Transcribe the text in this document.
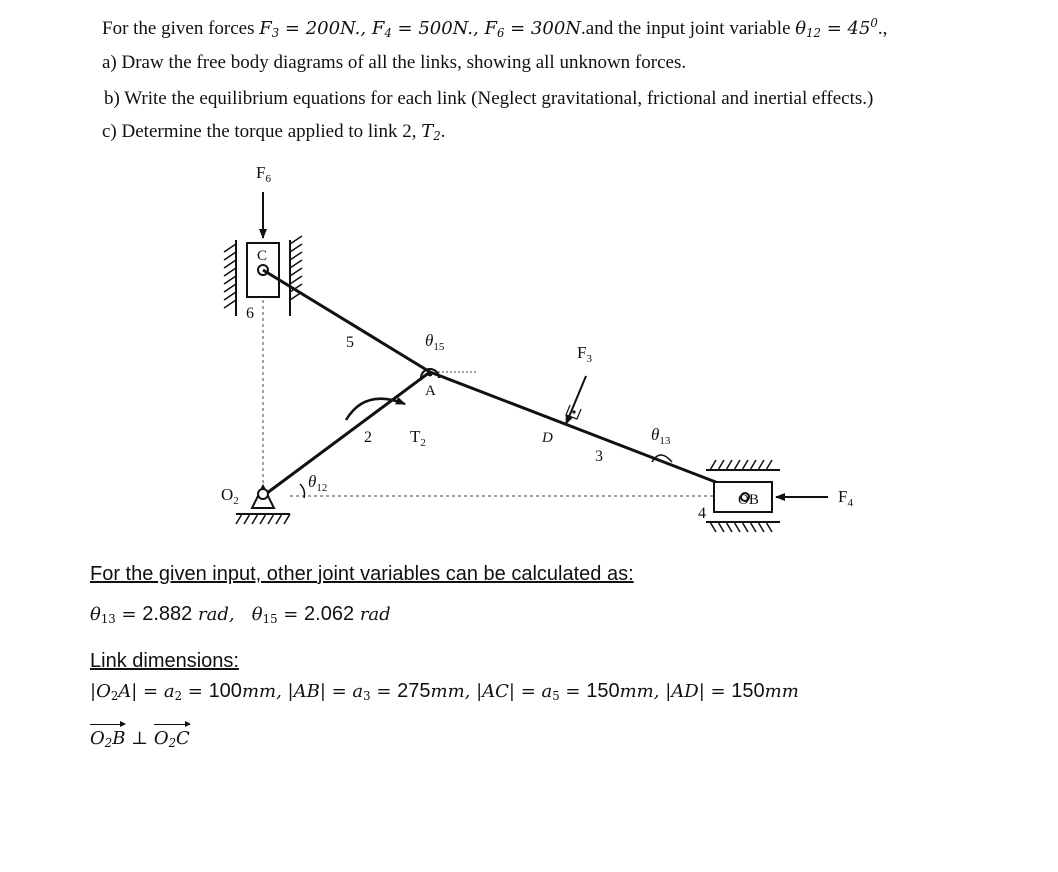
For the given forces $F_3 = 200N$., $F_4 = 500N$., $F_6 = 300N.and$ the input joint variable $\theta_{12} = 45^0$.,
a) Draw the free body diagrams of all the links, showing all unknown forces.
b) Write the equilibrium equations for each link (Neglect gravitational, frictional and inertial effects.)
c) Determine the torque applied to link 2, $T_2$.
C
6
$F_6$
5
3
2
A
$\theta_{15}$
$T_2$	D
$F_3$
$\theta_{13}$
OB
4
$F_4$
$O_2$
$\theta_{12}$
For the given input, other joint variables can be calculated as:
$\theta_{13} = 2.882$ rad, $\theta_{15} = 2.062$ rad
Link dimensions:
$|O_2A| = a_2 = 100mm$, $|AB| = a_3 = 275mm$, $|AC| = a_5 = 150mm$, |AD| = 150mm
$O_2B$ ⊥ $O_2C$
